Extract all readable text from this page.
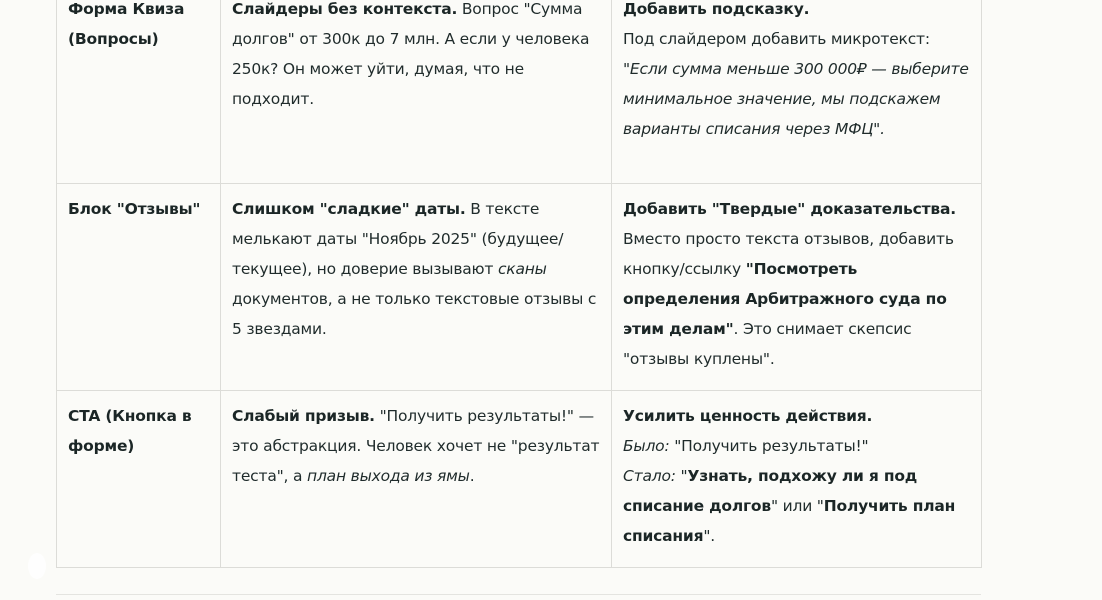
Форма Квиза (Вопросы)	Слайдеры без контекста. Вопрос "Сумма долгов" от 300к до 7 млн. А если у человека 250к? Он может уйти, думая, что не подходит.	Добавить подсказку.
Под слайдером добавить микротекст:
"Если сумма меньше 300 000₽ — выберите минимальное значение, мы подскажем варианты списания через МФЦ".
Блок "Отзывы"	Слишком "сладкие" даты. В тексте мелькают даты "Ноябрь 2025" (будущее/текущее), но доверие вызывают сканы документов, а не только текстовые отзывы с 5 звездами.	Добавить "Твердые" доказательства.
Вместо просто текста отзывов, добавить кнопку/ссылку "Посмотреть определения Арбитражного суда по этим делам". Это снимает скепсис "отзывы куплены".
CTA (Кнопка в форме)	Слабый призыв. "Получить результаты!" — это абстракция. Человек хочет не "результат теста", а план выхода из ямы.	Усилить ценность действия.
Было: "Получить результаты!"
Стало: "Узнать, подхожу ли я под списание долгов" или "Получить план списания".
